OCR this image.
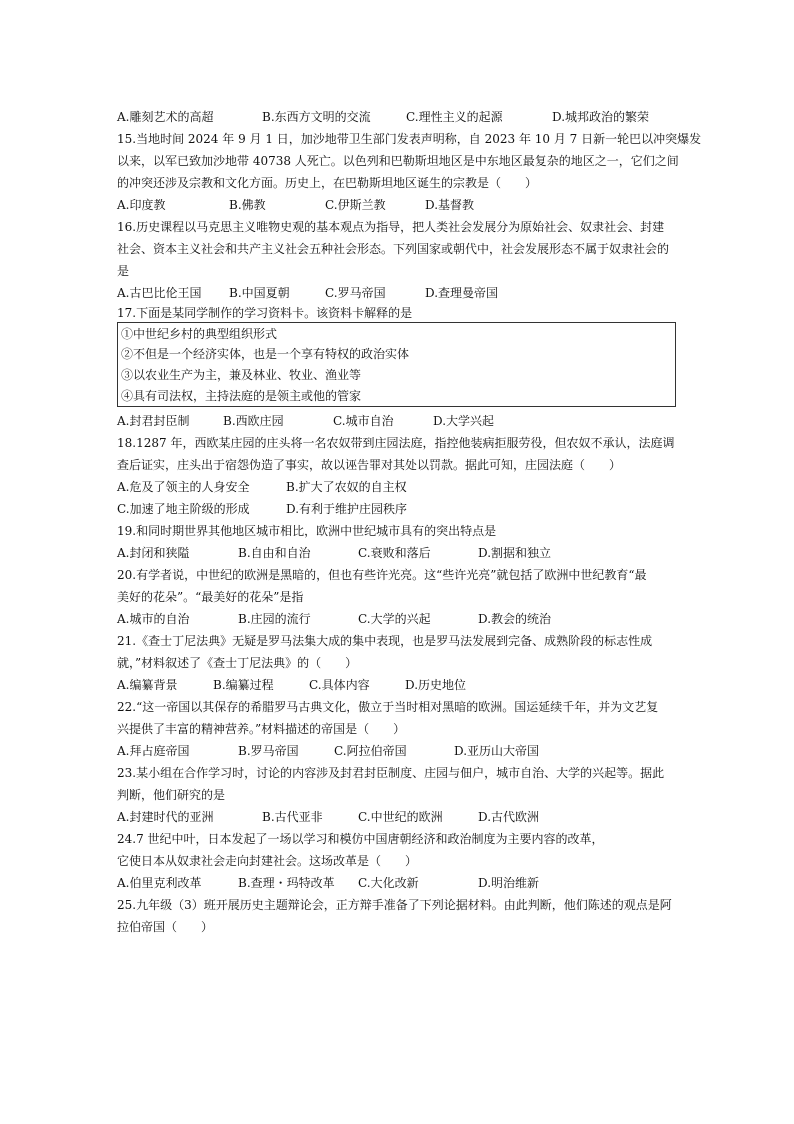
A.雕刻艺术的高超	B.东西方文明的交流	C.理性主义的起源	D.城邦政治的繁荣
15.当地时间 2024 年 9 月 1 日，加沙地带卫生部门发表声明称，自 2023 年 10 月 7 日新一轮巴以冲突爆发
以来，以军已致加沙地带 40738 人死亡。以色列和巴勒斯坦地区是中东地区最复杂的地区之一，它们之间
的冲突还涉及宗教和文化方面。历史上，在巴勒斯坦地区诞生的宗教是（　　）
A.印度教	B.佛教	C.伊斯兰教	D.基督教
16.历史课程以马克思主义唯物史观的基本观点为指导，把人类社会发展分为原始社会、奴隶社会、封建
社会、资本主义社会和共产主义社会五种社会形态。下列国家或朝代中，社会发展形态不属于奴隶社会的
是
A.古巴比伦王国 B.中国夏朝	C.罗马帝国	D.查理曼帝国
17.下面是某同学制作的学习资料卡。该资料卡解释的是
①中世纪乡村的典型组织形式
②不但是一个经济实体，也是一个享有特权的政治实体
③以农业生产为主，兼及林业、牧业、渔业等
④具有司法权，主持法庭的是领主或他的管家
A.封君封臣制	B.西欧庄园	C.城市自治	D.大学兴起
18.1287 年，西欧某庄园的庄头将一名农奴带到庄园法庭，指控他装病拒服劳役，但农奴不承认，法庭调
查后证实，庄头出于宿怨伪造了事实，故以诬告罪对其处以罚款。据此可知，庄园法庭（　　）
A.危及了领主的人身安全	B.扩大了农奴的自主权
C.加速了地主阶级的形成	D.有利于维护庄园秩序
19.和同时期世界其他地区城市相比，欧洲中世纪城市具有的突出特点是
A.封闭和狭隘	B.自由和自治	C.衰败和落后	D.割据和独立
20.有学者说，中世纪的欧洲是黑暗的，但也有些许光亮。这“些许光亮”就包括了欧洲中世纪教育“最
美好的花朵”。“最美好的花朵”是指
A.城市的自治	B.庄园的流行	C.大学的兴起	D.教会的统治
21.《查士丁尼法典》无疑是罗马法集大成的集中表现，也是罗马法发展到完备、成熟阶段的标志性成
就，”材料叙述了《查士丁尼法典》的（　　）
A.编纂背景	B.编纂过程	C.具体内容	D.历史地位
22.“这一帝国以其保存的希腊罗马古典文化，傲立于当时相对黑暗的欧洲。国运延续千年，并为文艺复
兴提供了丰富的精神营养。”材料描述的帝国是（　　）
A.拜占庭帝国	B.罗马帝国	C.阿拉伯帝国	D.亚历山大帝国
23.某小组在合作学习时，讨论的内容涉及封君封臣制度、庄园与佃户，城市自治、大学的兴起等。据此
判断，他们研究的是
A.封建时代的亚洲	B.古代亚非	C.中世纪的欧洲	D.古代欧洲
24.7 世纪中叶，日本发起了一场以学习和模仿中国唐朝经济和政治制度为主要内容的改革，
它使日本从奴隶社会走向封建社会。这场改革是（　　）
A.伯里克利改革	B.查理・玛特改革 C.大化改新	D.明治维新
25.九年级（3）班开展历史主题辩论会，正方辩手准备了下列论据材料。由此判断，他们陈述的观点是阿
拉伯帝国（　　）
